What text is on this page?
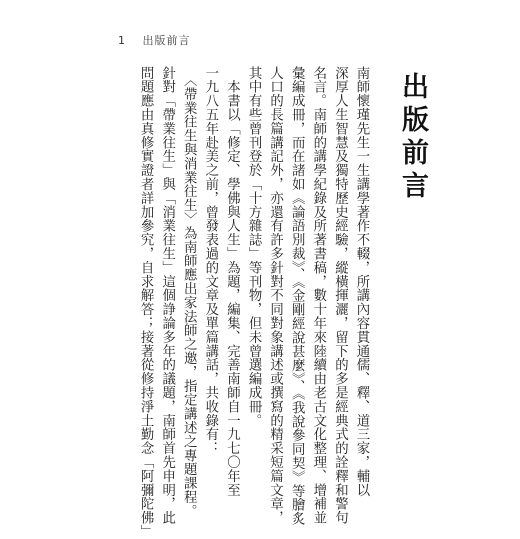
1 出版前言
出版前言
南師懷瑾先生一生講學著作不輟，所講內容貫通儒、釋、道三家，輔以
深厚人生智慧及獨特歷史經驗，縱橫揮灑，留下的多是經典式的詮釋和警句
名言。南師的講學紀錄及所著書稿，數十年來陸續由老古文化整理、增補並
彙編成冊，而在諸如《論語別裁》、《金剛經說甚麼》、《我說參同契》等膾炙
人口的長篇講記外，亦還有許多針對不同對象講述或撰寫的精采短篇文章，
其中有些曾刊登於「十方雜誌」等刊物，但未曾選編成冊。
　本書以「修定、學佛與人生」為題，編集、完善南師自一九七〇年至
一九八五年赴美之前，曾發表過的文章及單篇講話，共收錄有：
　〈帶業往生與消業往生〉為南師應出家法師之邀，指定講述之專題課程。
針對「帶業往生」與「消業往生」這個諍論多年的議題，南師首先申明，此
問題應由真修實證者詳加參究，自求解答；接著從修持淨土勤念「阿彌陀佛」
